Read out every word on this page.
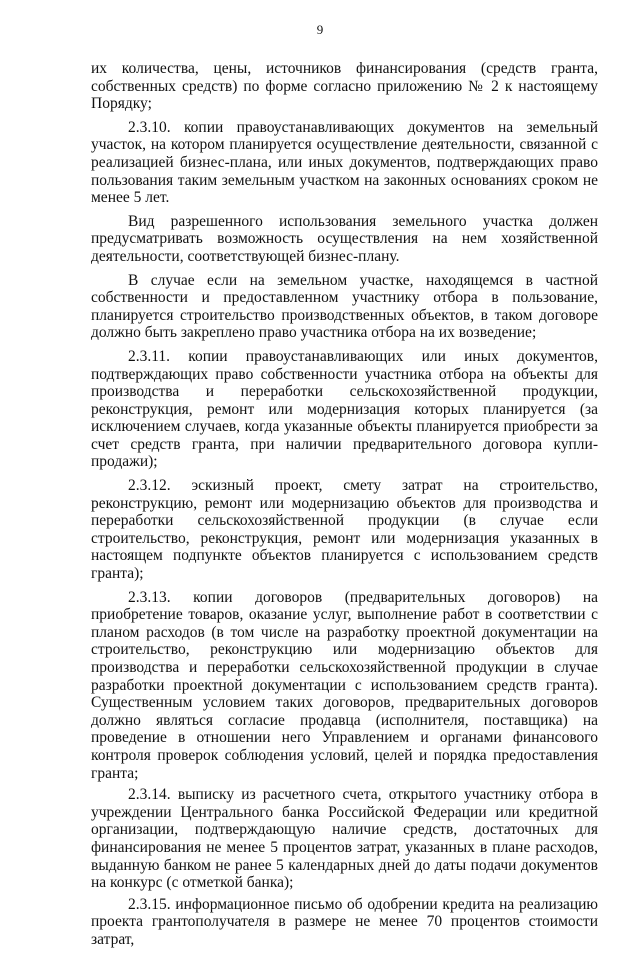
9

их количества, цены, источников финансирования (средств гранта, собственных средств) по форме согласно приложению № 2 к настоящему Порядку;

2.3.10. копии правоустанавливающих документов на земельный участок, на котором планируется осуществление деятельности, связанной с реализацией бизнес-плана, или иных документов, подтверждающих право пользования таким земельным участком на законных основаниях сроком не менее 5 лет.

Вид разрешенного использования земельного участка должен предусматривать возможность осуществления на нем хозяйственной деятельности, соответствующей бизнес-плану.

В случае если на земельном участке, находящемся в частной собственности и предоставленном участнику отбора в пользование, планируется строительство производственных объектов, в таком договоре должно быть закреплено право участника отбора на их возведение;

2.3.11. копии правоустанавливающих или иных документов, подтверждающих право собственности участника отбора на объекты для производства и переработки сельскохозяйственной продукции, реконструкция, ремонт или модернизация которых планируется (за исключением случаев, когда указанные объекты планируется приобрести за счет средств гранта, при наличии предварительного договора купли-продажи);

2.3.12. эскизный проект, смету затрат на строительство, реконструкцию, ремонт или модернизацию объектов для производства и переработки сельскохозяйственной продукции (в случае если строительство, реконструкция, ремонт или модернизация указанных в настоящем подпункте объектов планируется с использованием средств гранта);

2.3.13. копии договоров (предварительных договоров) на приобретение товаров, оказание услуг, выполнение работ в соответствии с планом расходов (в том числе на разработку проектной документации на строительство, реконструкцию или модернизацию объектов для производства и переработки сельскохозяйственной продукции в случае разработки проектной документации с использованием средств гранта). Существенным условием таких договоров, предварительных договоров должно являться согласие продавца (исполнителя, поставщика) на проведение в отношении него Управлением и органами финансового контроля проверок соблюдения условий, целей и порядка предоставления гранта;

2.3.14. выписку из расчетного счета, открытого участнику отбора в учреждении Центрального банка Российской Федерации или кредитной организации, подтверждающую наличие средств, достаточных для финансирования не менее 5 процентов затрат, указанных в плане расходов, выданную банком не ранее 5 календарных дней до даты подачи документов на конкурс (с отметкой банка);

2.3.15. информационное письмо об одобрении кредита на реализацию проекта грантополучателя в размере не менее 70 процентов стоимости затрат,
